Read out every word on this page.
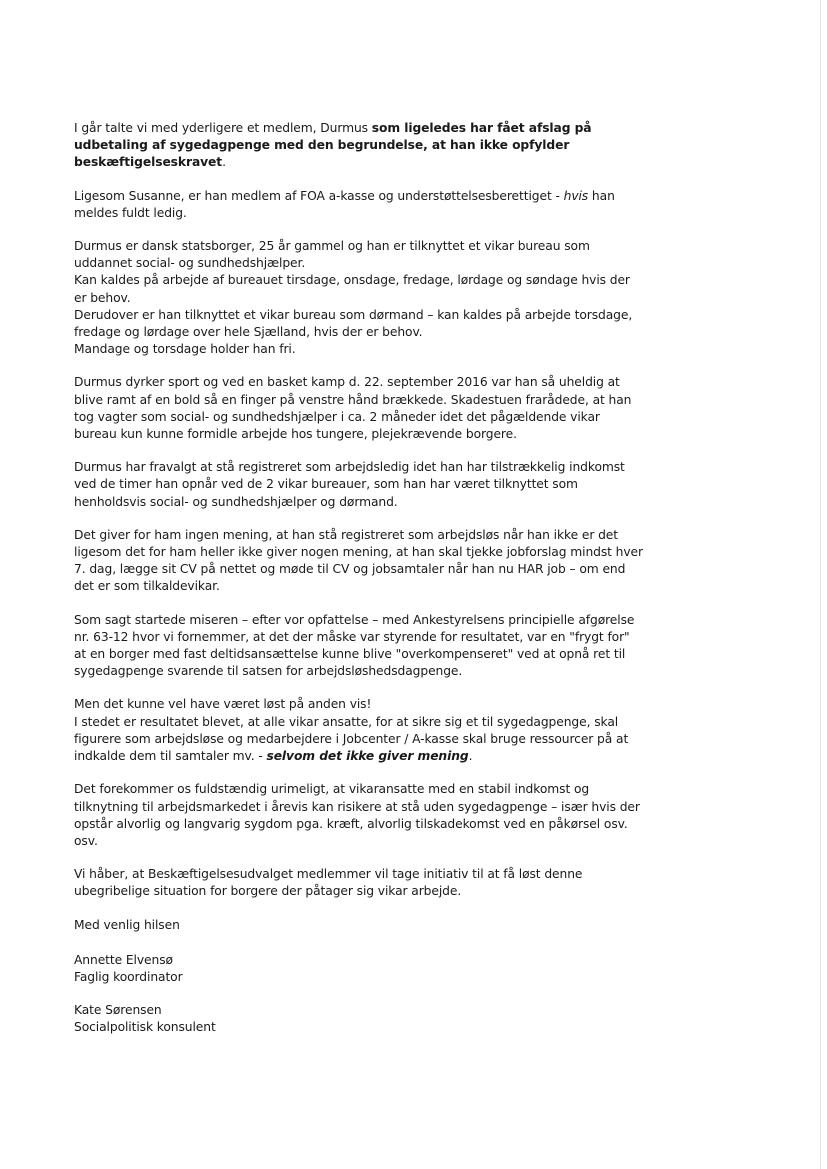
I går talte vi med yderligere et medlem, Durmus som ligeledes har fået afslag på udbetaling af sygedagpenge med den begrundelse, at han ikke opfylder beskæftigelseskravet.

Ligesom Susanne, er han medlem af FOA a-kasse og understøttelsesberettiget - hvis han meldes fuldt ledig.

Durmus er dansk statsborger, 25 år gammel og han er tilknyttet et vikar bureau som uddannet social- og sundhedshjælper.
Kan kaldes på arbejde af bureauet tirsdage, onsdage, fredage, lørdage og søndage hvis der er behov.
Derudover er han tilknyttet et vikar bureau som dørmand – kan kaldes på arbejde torsdage, fredage og lørdage over hele Sjælland, hvis der er behov.
Mandage og torsdage holder han fri.

Durmus dyrker sport og ved en basket kamp d. 22. september 2016 var han så uheldig at blive ramt af en bold så en finger på venstre hånd brækkede. Skadestuen frarådede, at han tog vagter som social- og sundhedshjælper i ca. 2 måneder idet det pågældende vikar bureau kun kunne formidle arbejde hos tungere, plejekrævende borgere.

Durmus har fravalgt at stå registreret som arbejdsledig idet han har tilstrækkelig indkomst ved de timer han opnår ved de 2 vikar bureauer, som han har været tilknyttet som henholdsvis social- og sundhedshjælper og dørmand.

Det giver for ham ingen mening, at han stå registreret som arbejdsløs når han ikke er det ligesom det for ham heller ikke giver nogen mening, at han skal tjekke jobforslag mindst hver 7. dag, lægge sit CV på nettet og møde til CV og jobsamtaler når han nu HAR job – om end det er som tilkaldevikar.

Som sagt startede miseren – efter vor opfattelse – med Ankestyrelsens principielle afgørelse nr. 63-12 hvor vi fornemmer, at det der måske var styrende for resultatet, var en "frygt for" at en borger med fast deltidsansættelse kunne blive "overkompenseret" ved at opnå ret til sygedagpenge svarende til satsen for arbejdsløshedsdagpenge.

Men det kunne vel have været løst på anden vis!
I stedet er resultatet blevet, at alle vikar ansatte, for at sikre sig et til sygedagpenge, skal figurere som arbejdsløse og medarbejdere i Jobcenter / A-kasse skal bruge ressourcer på at indkalde dem til samtaler mv. - selvom det ikke giver mening.

Det forekommer os fuldstændig urimeligt, at vikaransatte med en stabil indkomst og tilknytning til arbejdsmarkedet i årevis kan risikere at stå uden sygedagpenge – især hvis der opstår alvorlig og langvarig sygdom pga. kræft, alvorlig tilskadekomst ved en påkørsel osv. osv.

Vi håber, at Beskæftigelsesudvalget medlemmer vil tage initiativ til at få løst denne ubegribelige situation for borgere der påtager sig vikar arbejde.

Med venlig hilsen

Annette Elvensø
Faglig koordinator

Kate Sørensen
Socialpolitisk konsulent
